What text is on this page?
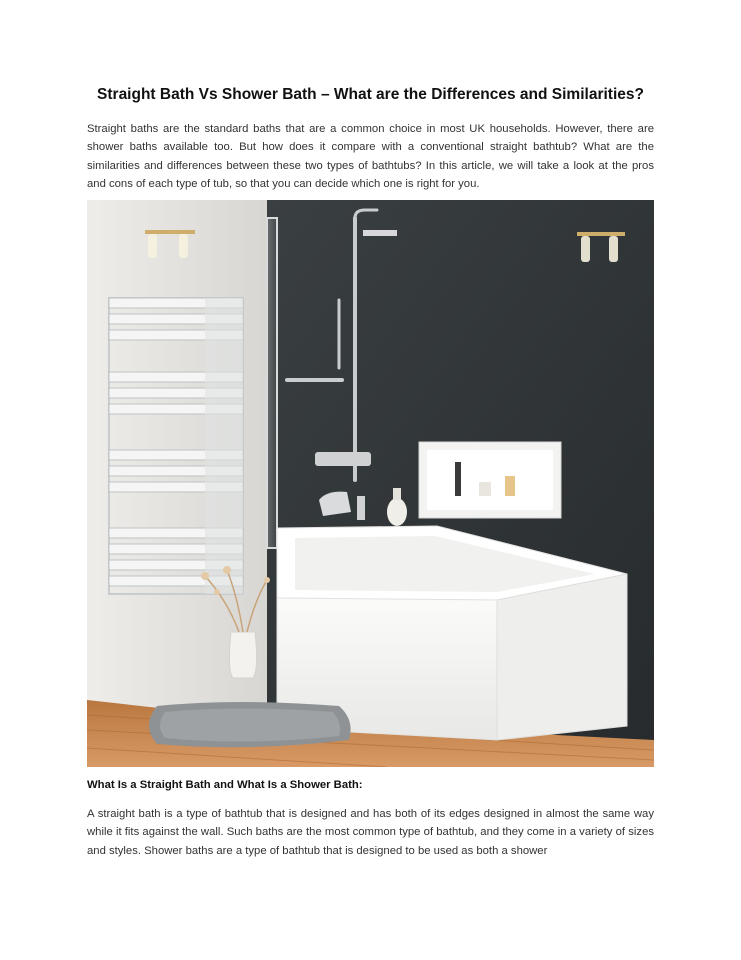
Straight Bath Vs Shower Bath – What are the Differences and Similarities?
Straight baths are the standard baths that are a common choice in most UK households. However, there are shower baths available too. But how does it compare with a conventional straight bathtub? What are the similarities and differences between these two types of bathtubs? In this article, we will take a look at the pros and cons of each type of tub, so that you can decide which one is right for you.
What Is a Straight Bath and What Is a Shower Bath:
A straight bath is a type of bathtub that is designed and has both of its edges designed in almost the same way while it fits against the wall. Such baths are the most common type of bathtub, and they come in a variety of sizes and styles. Shower baths are a type of bathtub that is designed to be used as both a shower
